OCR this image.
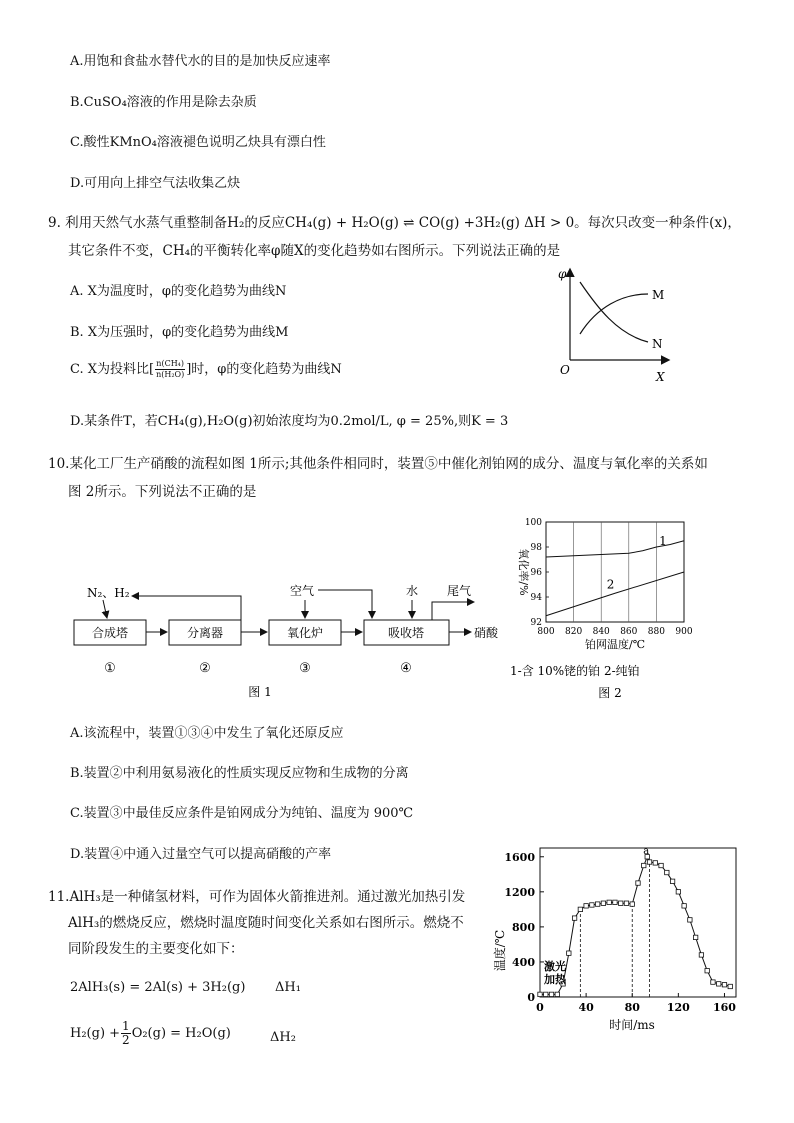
A.用饱和食盐水替代水的目的是加快反应速率
B.CuSO₄溶液的作用是除去杂质
C.酸性KMnO₄溶液褪色说明乙炔具有漂白性
D.可用向上排空气法收集乙炔
9. 利用天然气水蒸气重整制备H₂的反应CH₄(g) + H₂O(g) ⇌ CO(g) +3H₂(g) ΔH > 0。每次只改变一种条件(x)，
其它条件不变，CH₄的平衡转化率φ随X的变化趋势如右图所示。下列说法正确的是
A. X为温度时，φ的变化趋势为曲线N
B. X为压强时，φ的变化趋势为曲线M
C. X为投料比[ $\frac{\text{n(CH₄)}}{\text{n(H₂O)}}$ ]时，φ的变化趋势为曲线N
D.某条件T，若CH₄(g),H₂O(g)初始浓度均为0.2mol/L, φ = 25%,则K = 3
φ
O	X
M
N
10.某化工厂生产硝酸的流程如图 1所示;其他条件相同时，装置⑤中催化剂铂网的成分、温度与氧化率的关系如
图 2所示。下列说法不正确的是
N₂、H₂
合成塔	分离器	氧化炉	吸收塔
空气	水 尾气
硝酸
①	②	③	④
图 1
800 820 840 860 880 900
92
94
96
98
100
氧化率/%
铂网温度/℃
1
2
1-含 10%铑的铂 2-纯铂
图 2
A.该流程中，装置①③④中发生了氧化还原反应
B.装置②中利用氨易液化的性质实现反应物和生成物的分离
C.装置③中最佳反应条件是铂网成分为纯铂、温度为 900℃
D.装置④中通入过量空气可以提高硝酸的产率
11.AlH₃是一种储氢材料，可作为固体火箭推进剂。通过激光加热引发
AlH₃的燃烧反应，燃烧时温度随时间变化关系如右图所示。燃烧不
同阶段发生的主要变化如下：
2AlH₃(s) = 2Al(s) + 3H₂(g) ΔH₁
$H_2(g) + \frac{1}{2} O_2(g) = H_2O(g)$	ΔH₂
0	40	80 120 160
0
400
800
1200
1600
温度/℃
时间/ms
激光
加热
a
